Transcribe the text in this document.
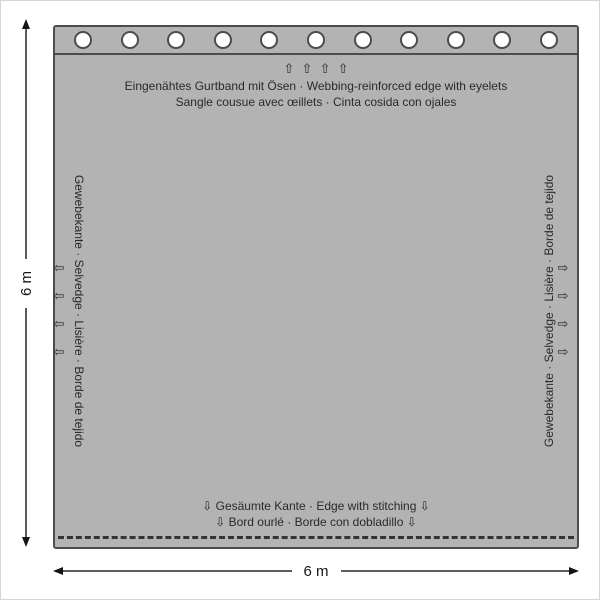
⇧ ⇧ ⇧ ⇧
Eingenähtes Gurtband mit Ösen · Webbing-reinforced edge with eyelets
Sangle cousue avec œillets · Cinta cosida con ojales
Gewebekante · Selvedge · Lisière · Borde de tejido
⇦
⇦
⇦
⇦	Gewebekante · Selvedge · Lisière · Borde de tejido ⇨
⇨
⇨
⇨
⇩ Gesäumte Kante · Edge with stitching ⇩
⇩ Bord ourlé · Borde con dobladillo ⇩
6 m
6 m
